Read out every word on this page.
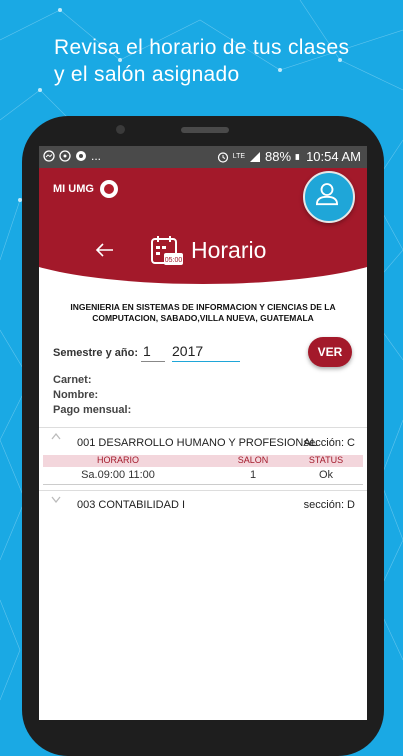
Revisa el horario de tus clases
y el salón asignado
...	LTE 88% 10:54 AM
MI UMG
05:00 Horario
INGENIERIA EN SISTEMAS DE INFORMACION Y CIENCIAS DE LA COMPUTACION, SABADO,VILLA NUEVA, GUATEMALA
Semestre y año: 1	2017	VER
Carnet:
Nombre:
Pago mensual:
001 DESARROLLO HUMANO Y PROFESIONAL
sección: C
HORARIO	SALON	STATUS
Sa.09:00 11:00	1	Ok
003 CONTABILIDAD I	sección: D
